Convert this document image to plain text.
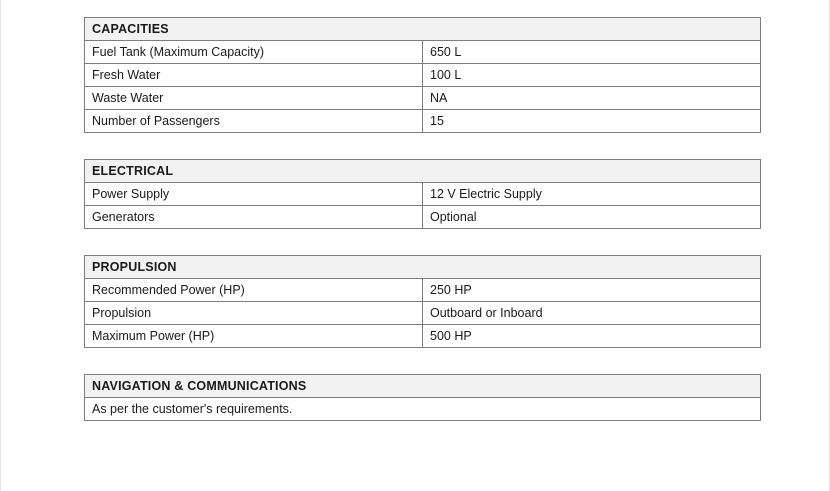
CAPACITIES	
Fuel Tank (Maximum Capacity)	650 L
Fresh Water	100 L
Waste Water	NA
Number of Passengers	15
ELECTRICAL	
Power Supply	12 V Electric Supply
Generators	Optional
PROPULSION	
Recommended Power (HP)	250 HP
Propulsion	Outboard or Inboard
Maximum Power (HP)	500 HP
NAVIGATION & COMMUNICATIONS
As per the customer's requirements.
